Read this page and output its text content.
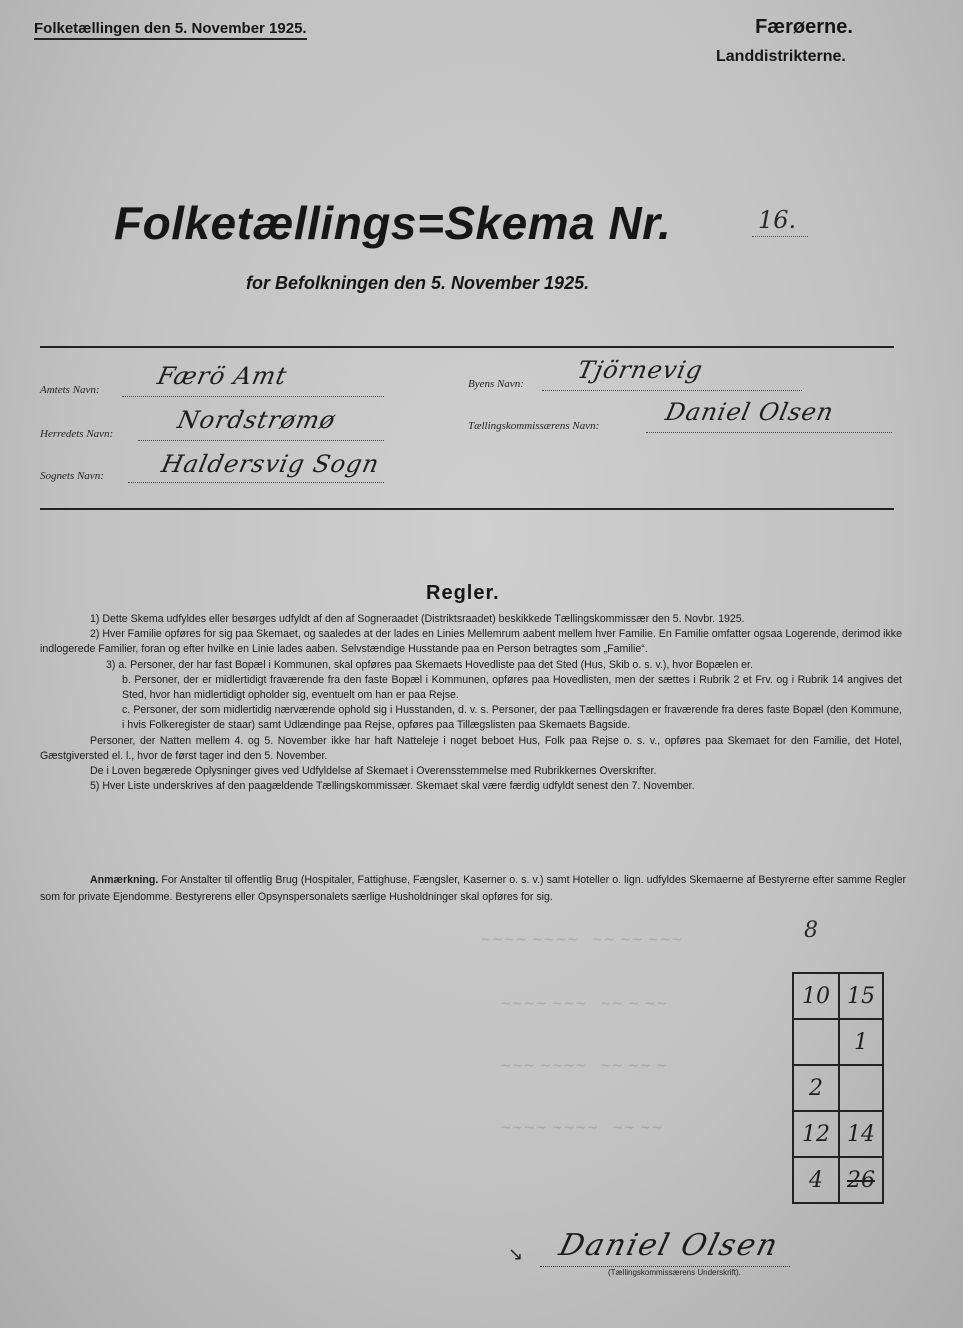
Folketællingen den 5. November 1925.	Færøerne.
Landdistrikterne.
Folketællings=Skema Nr.	16.
for Befolkningen den 5. November 1925.
Amtets Navn: Færö Amt	Byens Navn: Tjörnevig
Herredets Navn:	Nordstrømø	Tællingskommissærens Navn:	Daniel Olsen
Sognets Navn: Haldersvig Sogn
Regler.

1) Dette Skema udfyldes eller besørges udfyldt af den af Sogneraadet (Distriktsraadet) beskikkede Tællingskommissær den 5. Novbr. 1925.

2) Hver Familie opføres for sig paa Skemaet, og saaledes at der lades en Linies Mellemrum aabent mellem hver Familie. En Familie omfatter ogsaa Logerende, derimod ikke indlogerede Familier, foran og efter hvilke en Linie lades aaben. Selvstændige Husstande paa en Person betragtes som „Familie“.

3) a. Personer, der har fast Bopæl i Kommunen, skal opføres paa Skemaets Hovedliste paa det Sted (Hus, Skib o. s. v.), hvor Bopælen er.

b. Personer, der er midlertidigt fraværende fra den faste Bopæl i Kommunen, opføres paa Hovedlisten, men der sættes i Rubrik 2 et Frv. og i Rubrik 14 angives det Sted, hvor han midlertidigt opholder sig, eventuelt om han er paa Rejse.

c. Personer, der som midlertidig nærværende ophold sig i Husstanden, d. v. s. Personer, der paa Tællingsdagen er fraværende fra deres faste Bopæl (den Kommune, i hvis Folkeregister de staar) samt Udlændinge paa Rejse, opføres paa Tillægslisten paa Skemaets Bagside.

Personer, der Natten mellem 4. og 5. November ikke har haft Natteleje i noget beboet Hus, Folk paa Rejse o. s. v., opføres paa Skemaet for den Familie, det Hotel, Gæstgiversted el. l., hvor de først tager ind den 5. November.

De i Loven begærede Oplysninger gives ved Udfyldelse af Skemaet i Overensstemmelse med Rubrikkernes Overskrifter.

5) Hver Liste underskrives af den paagældende Tællingskommissær. Skemaet skal være færdig udfyldt senest den 7. November.

Anmærkning. For Anstalter til offentlig Brug (Hospitaler, Fattighuse, Fængsler, Kaserner o. s. v.) samt Hoteller o. lign. udfyldes Skemaerne af Bestyrerne efter samme Regler som for private Ejendomme. Bestyrerens eller Opsynspersonalets særlige Husholdninger skal opføres for sig.

~~~~ ~~~~   ~~ ~~ ~~~
~~~~ ~~~   ~~ ~ ~~
~~~ ~~~~   ~~ ~~ ~
~~~~ ~~~~   ~~ ~~
8
10	15
	1
2	
12	14
4	26
↘ Daniel Olsen
(Tællingskommissærens Underskrift).
